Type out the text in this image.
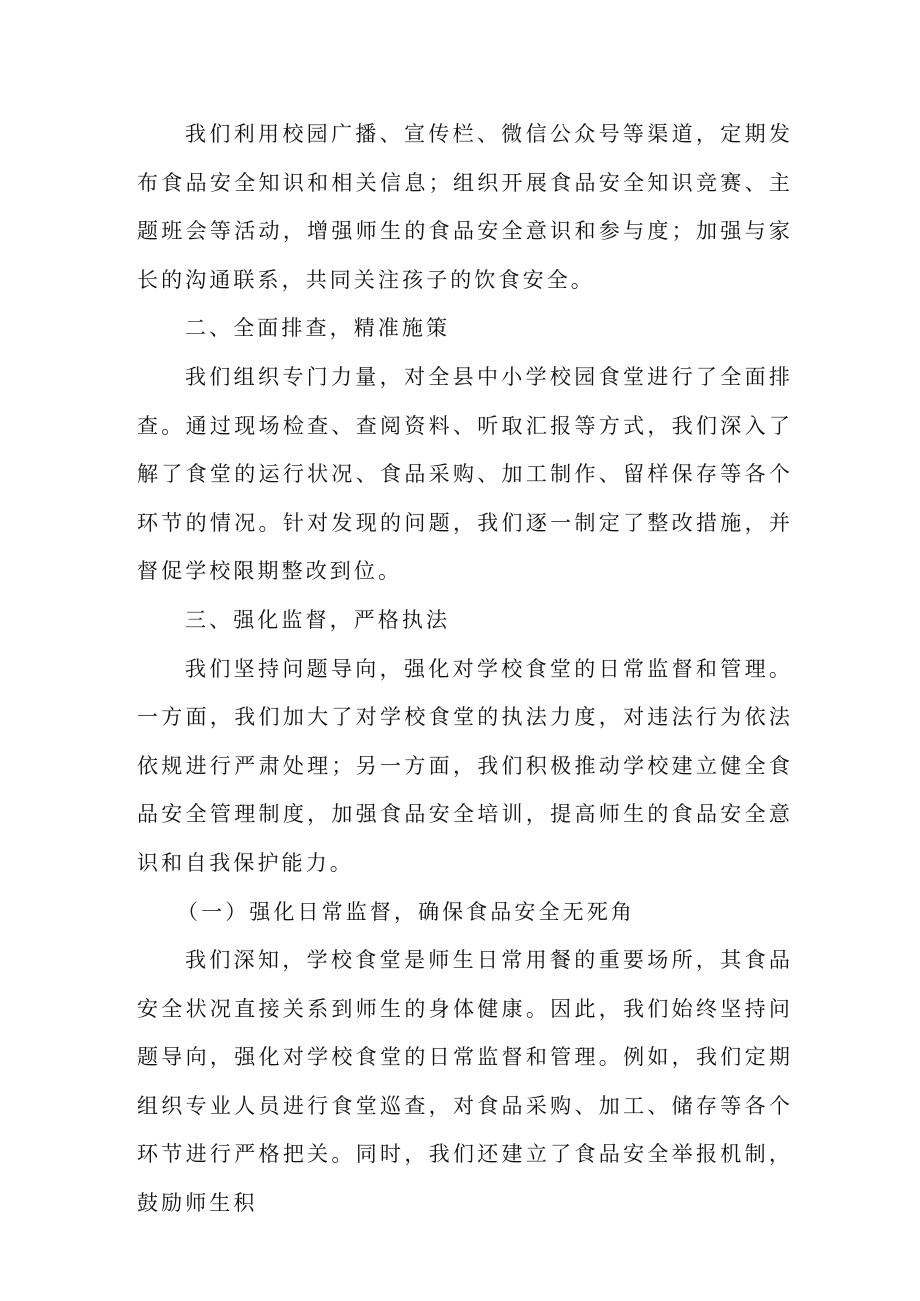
我们利用校园广播、宣传栏、微信公众号等渠道，定期发布食品安全知识和相关信息；组织开展食品安全知识竞赛、主题班会等活动，增强师生的食品安全意识和参与度；加强与家长的沟通联系，共同关注孩子的饮食安全。

二、全面排查，精准施策

我们组织专门力量，对全县中小学校园食堂进行了全面排查。通过现场检查、查阅资料、听取汇报等方式，我们深入了解了食堂的运行状况、食品采购、加工制作、留样保存等各个环节的情况。针对发现的问题，我们逐一制定了整改措施，并督促学校限期整改到位。

三、强化监督，严格执法

我们坚持问题导向，强化对学校食堂的日常监督和管理。一方面，我们加大了对学校食堂的执法力度，对违法行为依法依规进行严肃处理；另一方面，我们积极推动学校建立健全食品安全管理制度，加强食品安全培训，提高师生的食品安全意识和自我保护能力。

（一）强化日常监督，确保食品安全无死角

我们深知，学校食堂是师生日常用餐的重要场所，其食品安全状况直接关系到师生的身体健康。因此，我们始终坚持问题导向，强化对学校食堂的日常监督和管理。例如，我们定期组织专业人员进行食堂巡查，对食品采购、加工、储存等各个环节进行严格把关。同时，我们还建立了食品安全举报机制，鼓励师生积
